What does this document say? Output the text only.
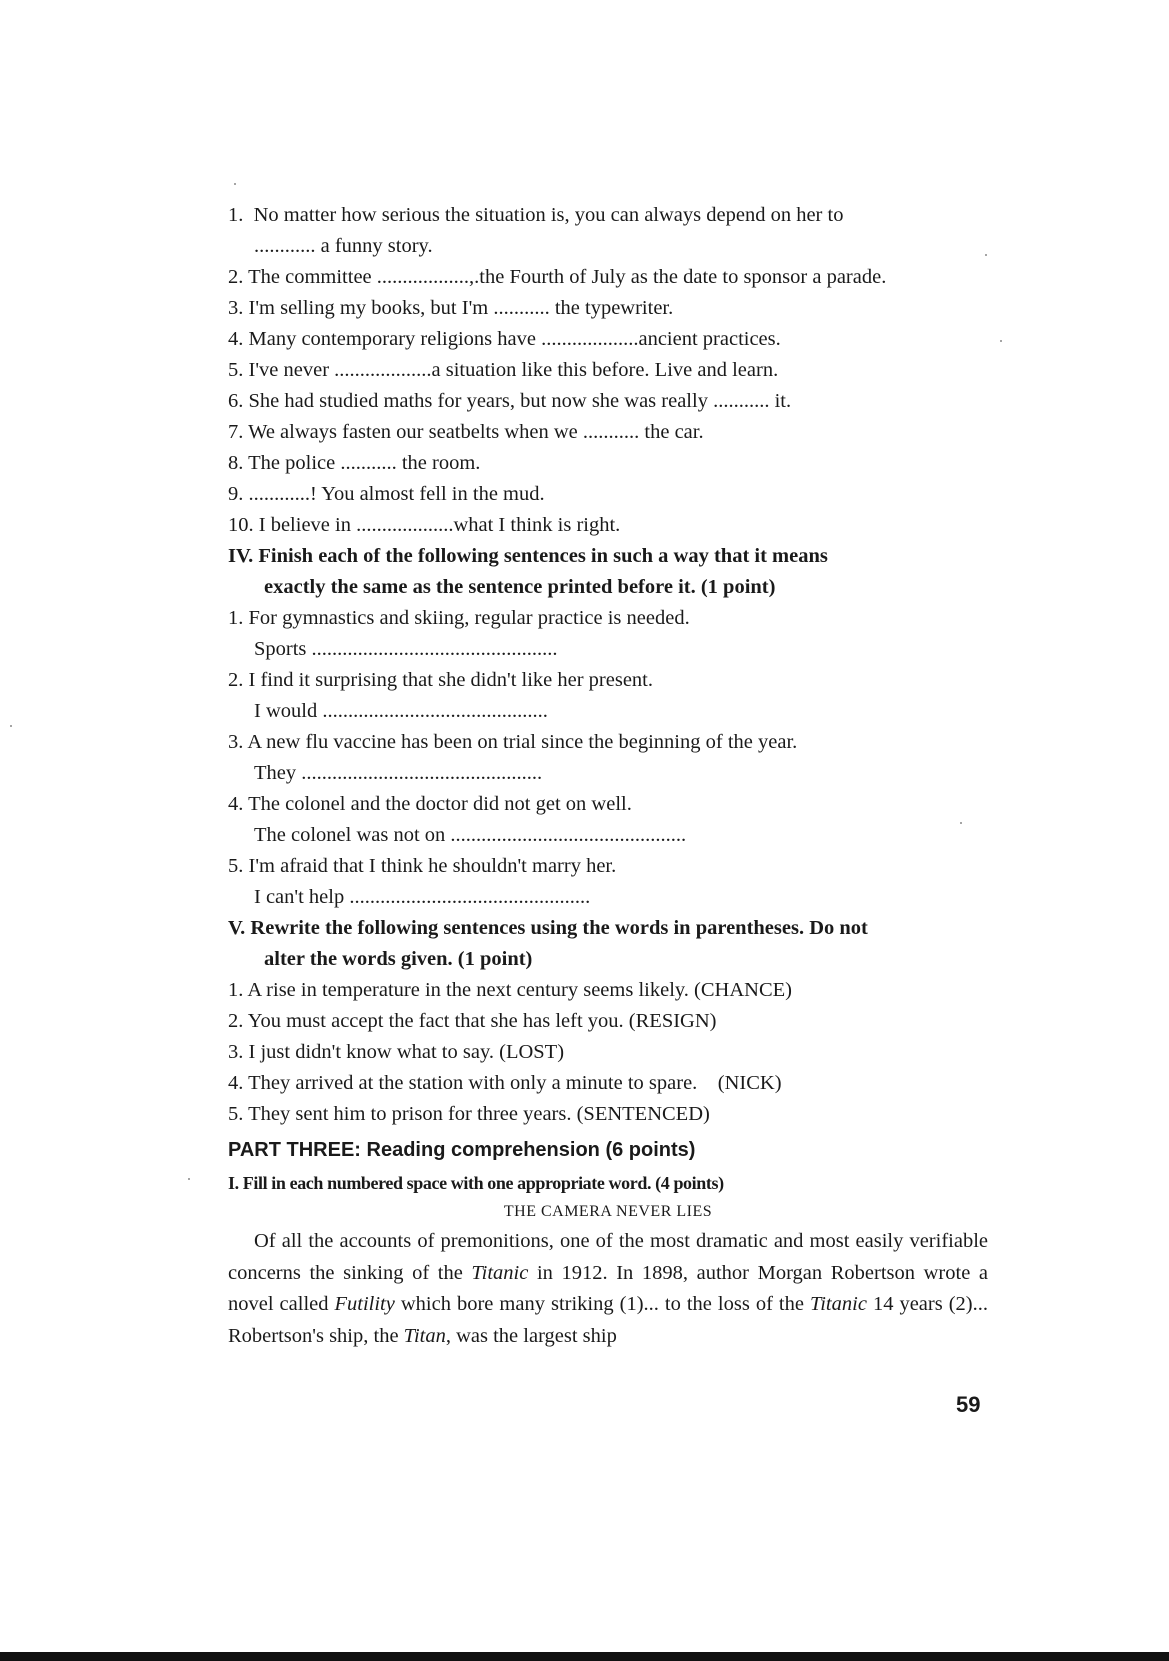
1.  No matter how serious the situation is, you can always depend on her to
............ a funny story.
2. The committee ..................,.the Fourth of July as the date to sponsor a parade.
3. I'm selling my books, but I'm ........... the typewriter.
4. Many contemporary religions have ...................ancient practices.
5. I've never ...................a situation like this before. Live and learn.
6. She had studied maths for years, but now she was really ........... it.
7. We always fasten our seatbelts when we ........... the car.
8. The police ........... the room.
9. ............! You almost fell in the mud.
10. I believe in ...................what I think is right.
IV. Finish each of the following sentences in such a way that it means
exactly the same as the sentence printed before it. (1 point)
1. For gymnastics and skiing, regular practice is needed.
Sports ................................................
2. I find it surprising that she didn't like her present.
I would ............................................
3. A new flu vaccine has been on trial since the beginning of the year.
They ...............................................
4. The colonel and the doctor did not get on well.
The colonel was not on ..............................................
5. I'm afraid that I think he shouldn't marry her.
I can't help ...............................................
V. Rewrite the following sentences using the words in parentheses. Do not
alter the words given. (1 point)
1. A rise in temperature in the next century seems likely. (CHANCE)
2. You must accept the fact that she has left you. (RESIGN)
3. I just didn't know what to say. (LOST)
4. They arrived at the station with only a minute to spare.    (NICK)
5. They sent him to prison for three years. (SENTENCED)
PART THREE: Reading comprehension (6 points)
I. Fill in each numbered space with one appropriate word. (4 points)
THE CAMERA NEVER LIES

Of all the accounts of premonitions, one of the most dramatic and most easily verifiable concerns the sinking of the Titanic in 1912. In 1898, author Morgan Robertson wrote a novel called Futility which bore many striking (1)... to the loss of the Titanic 14 years (2)... Robertson's ship, the Titan, was the largest ship

59
